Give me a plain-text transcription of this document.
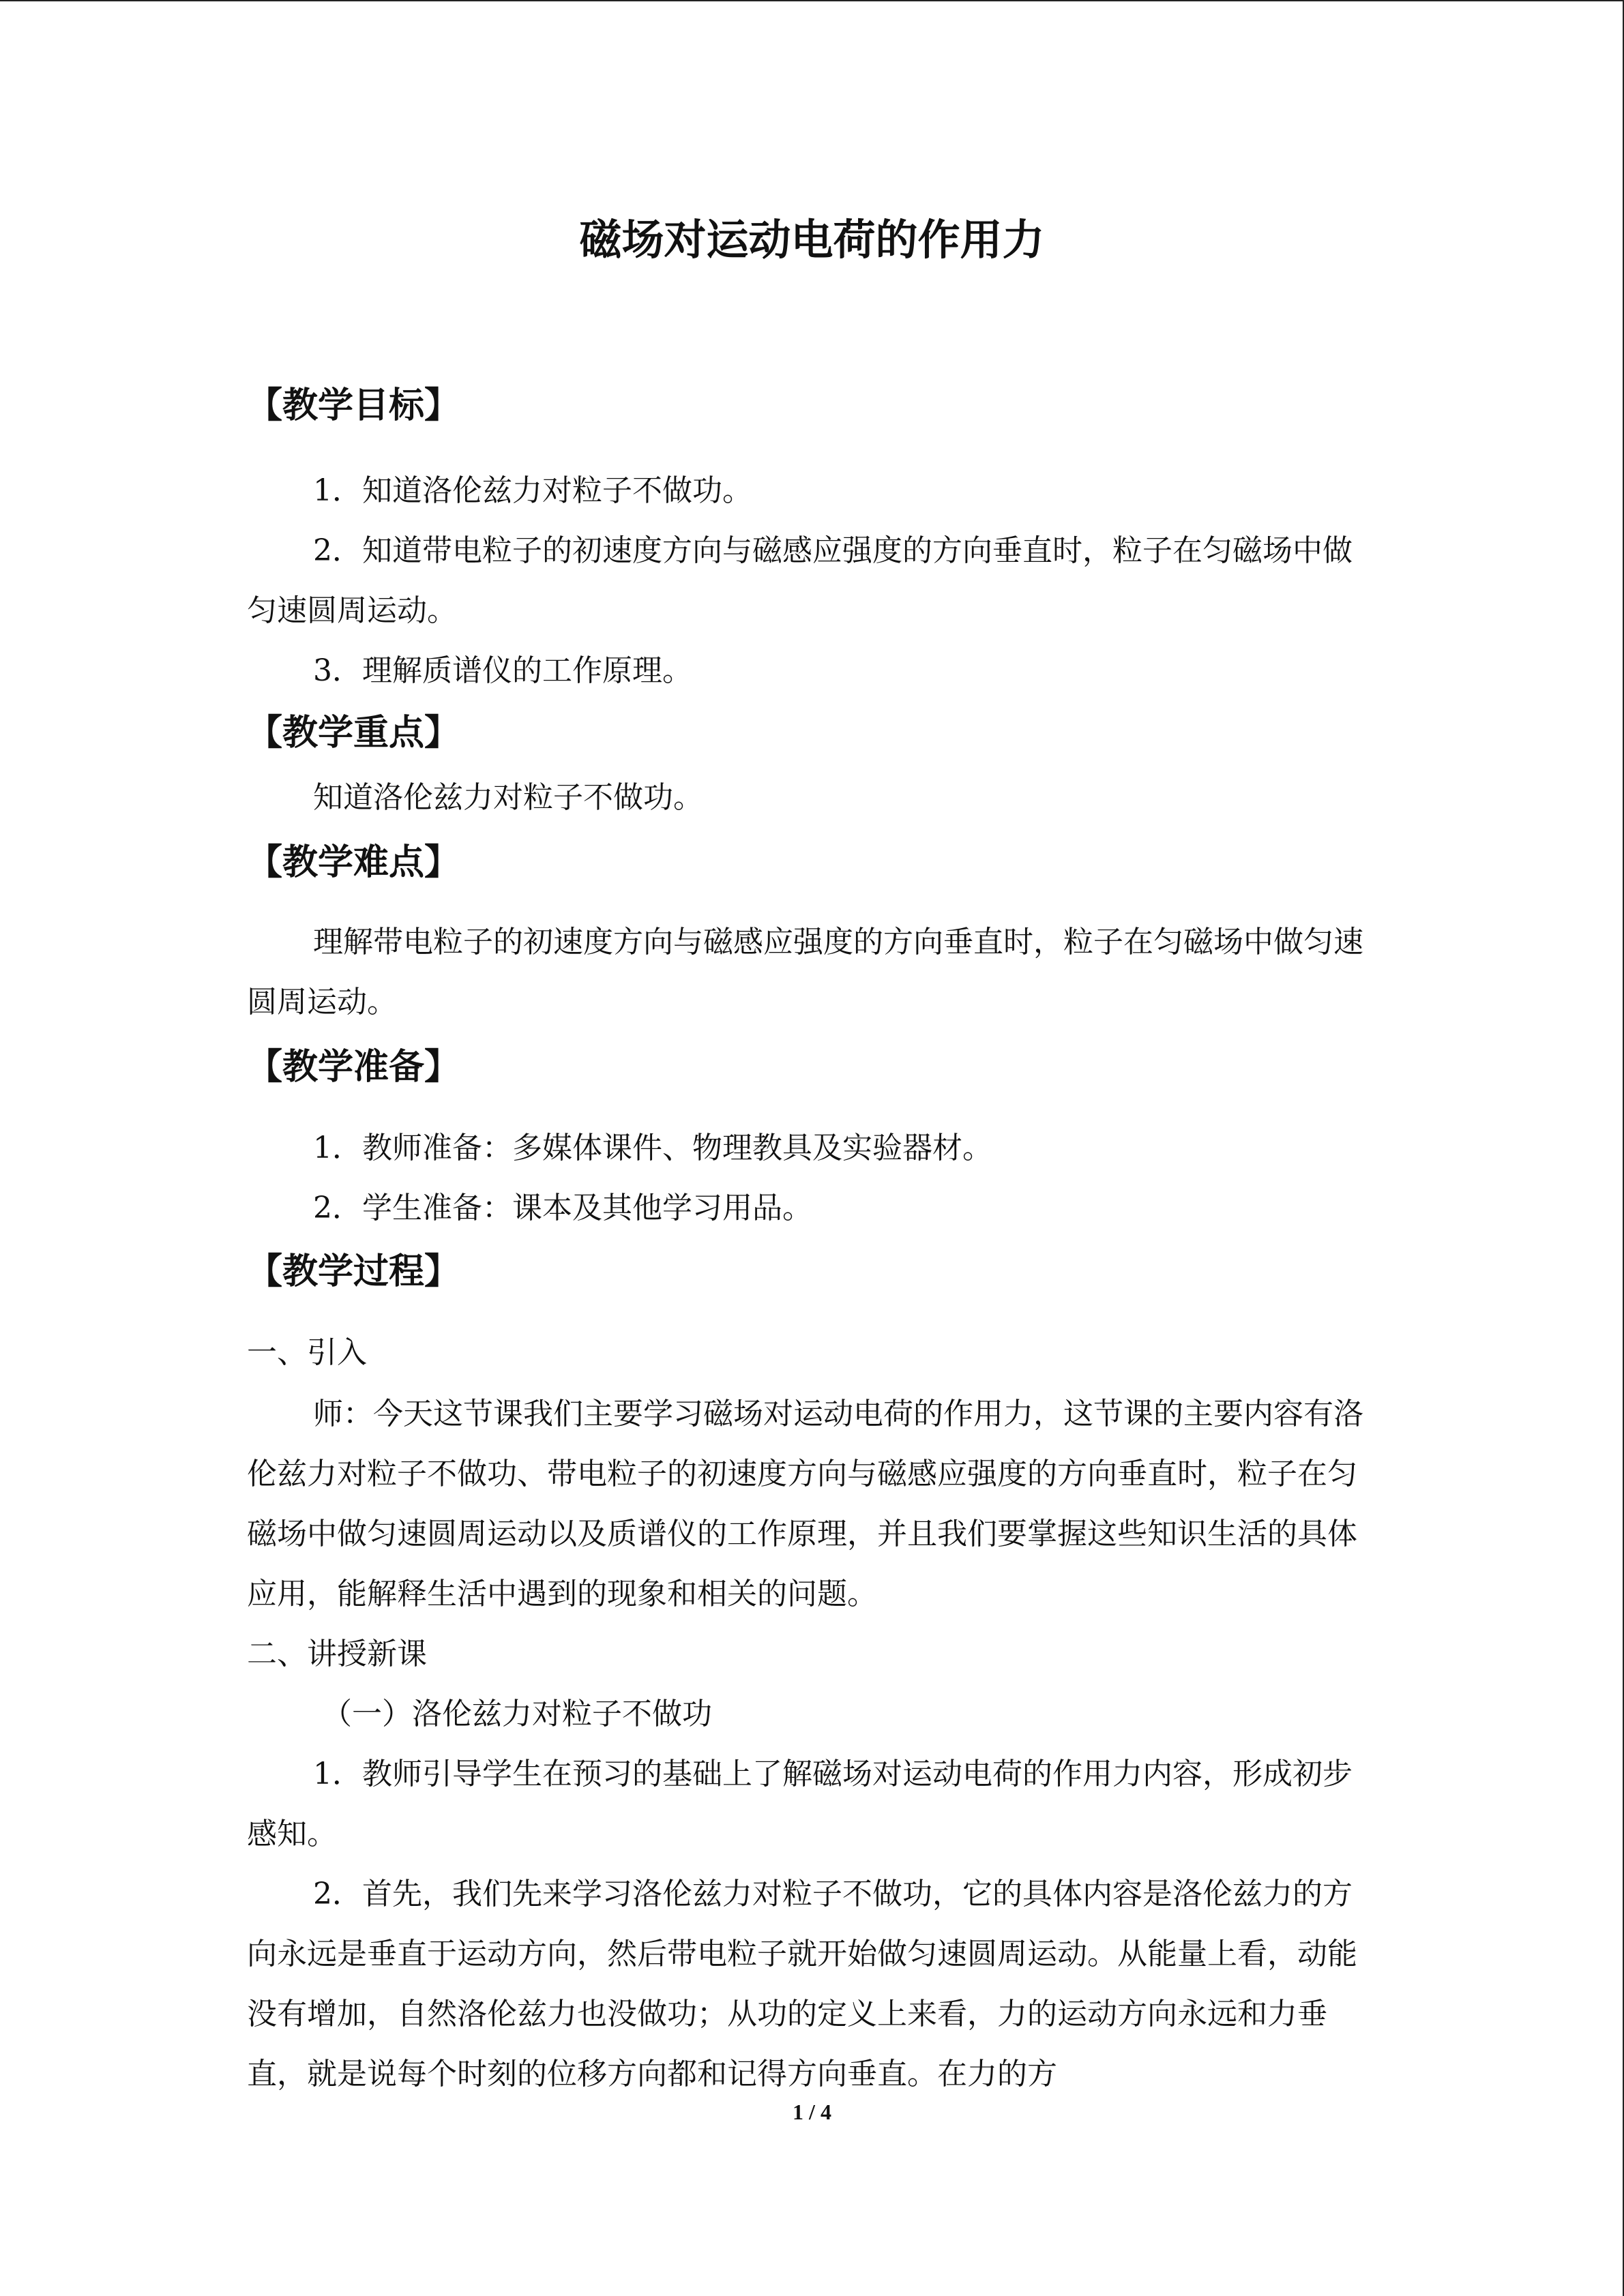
磁场对运动电荷的作用力
【教学目标】

1．知道洛伦兹力对粒子不做功。

2．知道带电粒子的初速度方向与磁感应强度的方向垂直时，粒子在匀磁场中做匀速圆周运动。

3．理解质谱仪的工作原理。

【教学重点】

知道洛伦兹力对粒子不做功。

【教学难点】

理解带电粒子的初速度方向与磁感应强度的方向垂直时，粒子在匀磁场中做匀速圆周运动。

【教学准备】

1．教师准备：多媒体课件、物理教具及实验器材。

2．学生准备：课本及其他学习用品。

【教学过程】

一、引入

师：今天这节课我们主要学习磁场对运动电荷的作用力，这节课的主要内容有洛伦兹力对粒子不做功、带电粒子的初速度方向与磁感应强度的方向垂直时，粒子在匀磁场中做匀速圆周运动以及质谱仪的工作原理，并且我们要掌握这些知识生活的具体应用，能解释生活中遇到的现象和相关的问题。

二、讲授新课

（一）洛伦兹力对粒子不做功

1．教师引导学生在预习的基础上了解磁场对运动电荷的作用力内容，形成初步感知。

2．首先，我们先来学习洛伦兹力对粒子不做功，它的具体内容是洛伦兹力的方向永远是垂直于运动方向，然后带电粒子就开始做匀速圆周运动。从能量上看，动能没有增加，自然洛伦兹力也没做功；从功的定义上来看，力的运动方向永远和力垂直，就是说每个时刻的位移方向都和记得方向垂直。在力的方

1 / 4
